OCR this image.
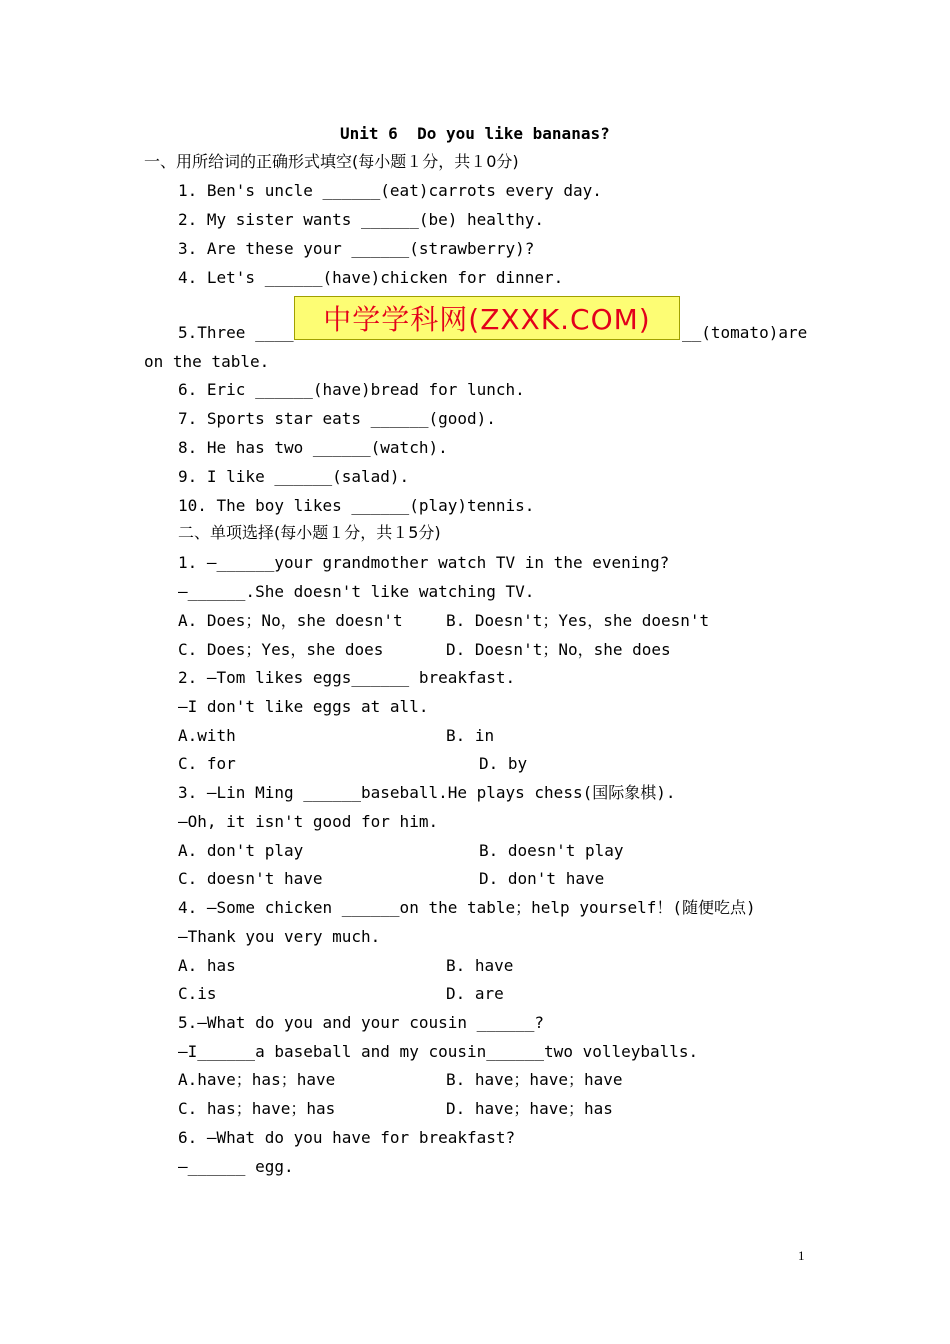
Unit 6  Do you like bananas?
一、用所给词的正确形式填空(每小题１分，共１0分)
1. Ben's uncle ______(eat)carrots every day.
2. My sister wants ______(be) healthy.
3. Are these your ______(strawberry)?
4. Let's ______(have)chicken for dinner.
5.Three ____	__(tomato)are
on the table.
中学学科网(ZXXK.COM)
6. Eric ______(have)bread for lunch.
7. Sports star eats ______(good).
8. He has two ______(watch).
9. I like ______(salad).
10. The boy likes ______(play)tennis.
二、单项选择(每小题１分，共１5分)
1. —______your grandmother watch TV in the evening?
—______.She doesn't like watching TV.
A. Does；No，she doesn't	B. Doesn't；Yes，she doesn't
C. Does；Yes，she does	D. Doesn't；No，she does
2. —Tom likes eggs______ breakfast.
—I don't like eggs at all.
A.with	B. in
C. for	D. by
3. —Lin Ming ______baseball.He plays chess(国际象棋).
—Oh, it isn't good for him.
A. don't play	B. doesn't play
C. doesn't have	D. don't have
4. —Some chicken ______on the table；help yourself！(随便吃点)
—Thank you very much.
A. has	B. have
C.is	D. are
5.—What do you and your cousin ______?
—I______a baseball and my cousin______two volleyballs.
A.have；has；have	B. have；have；have
C. has；have；has	D. have；have；has
6. —What do you have for breakfast?
—______ egg.
1
